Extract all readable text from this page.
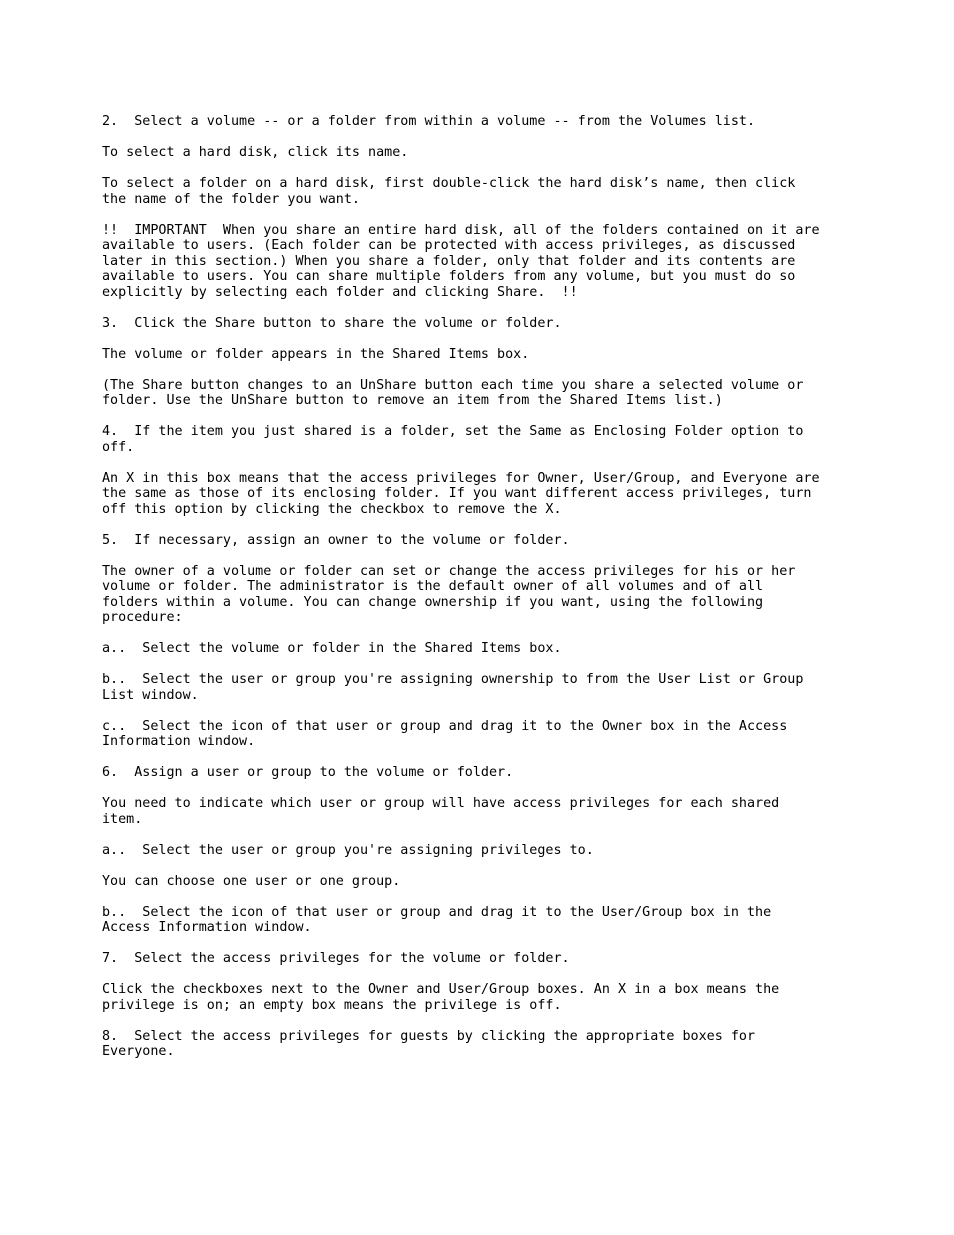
2.  Select a volume -- or a folder from within a volume -- from the Volumes list.

To select a hard disk, click its name.

To select a folder on a hard disk, first double-click the hard disk’s name, then click
the name of the folder you want.

!!  IMPORTANT  When you share an entire hard disk, all of the folders contained on it are
available to users. (Each folder can be protected with access privileges, as discussed
later in this section.) When you share a folder, only that folder and its contents are
available to users. You can share multiple folders from any volume, but you must do so
explicitly by selecting each folder and clicking Share.  !!

3.  Click the Share button to share the volume or folder.

The volume or folder appears in the Shared Items box.

(The Share button changes to an UnShare button each time you share a selected volume or
folder. Use the UnShare button to remove an item from the Shared Items list.)

4.  If the item you just shared is a folder, set the Same as Enclosing Folder option to
off.

An X in this box means that the access privileges for Owner, User/Group, and Everyone are
the same as those of its enclosing folder. If you want different access privileges, turn
off this option by clicking the checkbox to remove the X.

5.  If necessary, assign an owner to the volume or folder.

The owner of a volume or folder can set or change the access privileges for his or her
volume or folder. The administrator is the default owner of all volumes and of all
folders within a volume. You can change ownership if you want, using the following
procedure:

a..  Select the volume or folder in the Shared Items box.

b..  Select the user or group you're assigning ownership to from the User List or Group
List window.

c..  Select the icon of that user or group and drag it to the Owner box in the Access
Information window.

6.  Assign a user or group to the volume or folder.

You need to indicate which user or group will have access privileges for each shared
item.

a..  Select the user or group you're assigning privileges to.

You can choose one user or one group.

b..  Select the icon of that user or group and drag it to the User/Group box in the
Access Information window.

7.  Select the access privileges for the volume or folder.

Click the checkboxes next to the Owner and User/Group boxes. An X in a box means the
privilege is on; an empty box means the privilege is off.

8.  Select the access privileges for guests by clicking the appropriate boxes for
Everyone.
